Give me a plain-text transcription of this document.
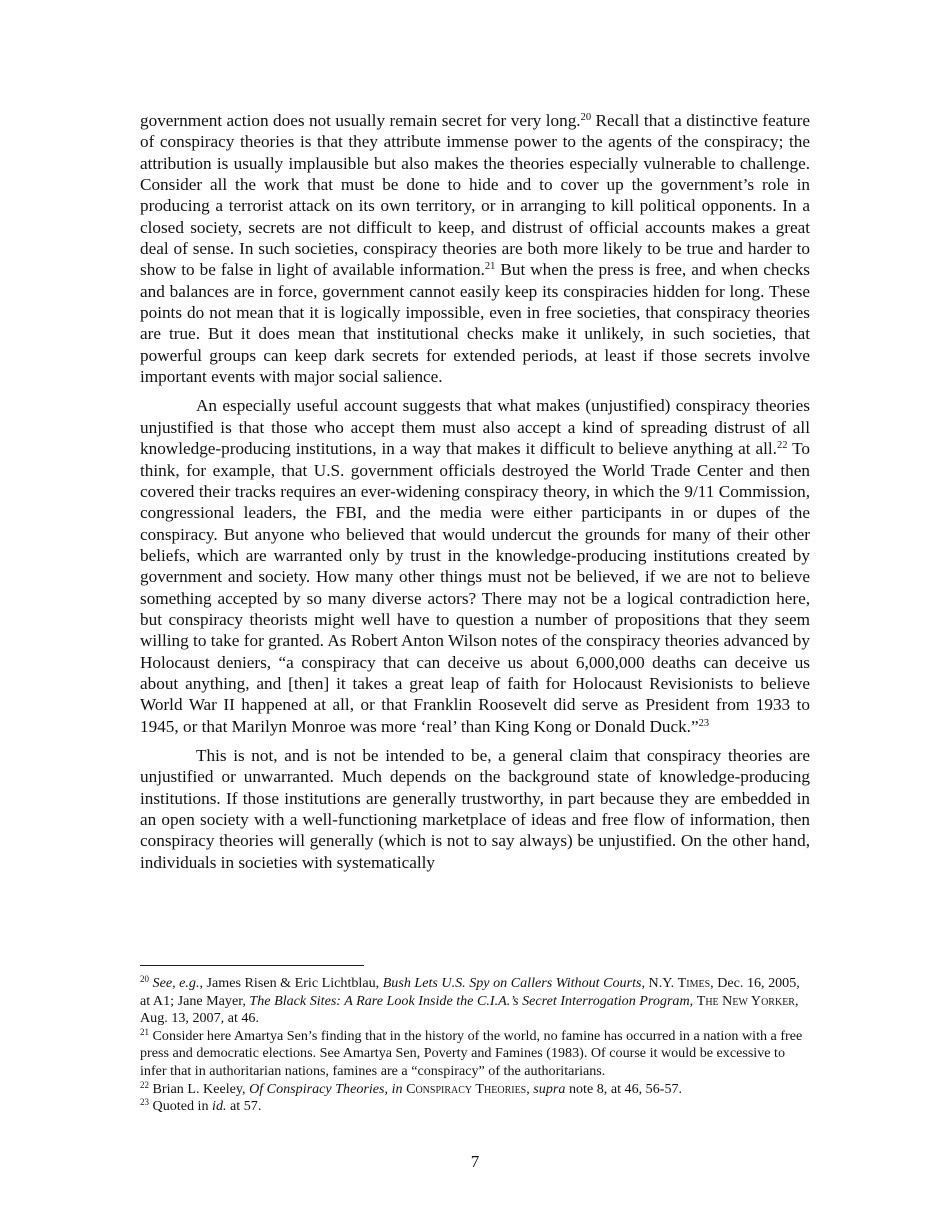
government action does not usually remain secret for very long.$^{20}$ Recall that a distinctive feature of conspiracy theories is that they attribute immense power to the agents of the conspiracy; the attribution is usually implausible but also makes the theories especially vulnerable to challenge. Consider all the work that must be done to hide and to cover up the government’s role in producing a terrorist attack on its own territory, or in arranging to kill political opponents. In a closed society, secrets are not difficult to keep, and distrust of official accounts makes a great deal of sense. In such societies, conspiracy theories are both more likely to be true and harder to show to be false in light of available information.$^{21}$ But when the press is free, and when checks and balances are in force, government cannot easily keep its conspiracies hidden for long. These points do not mean that it is logically impossible, even in free societies, that conspiracy theories are true. But it does mean that institutional checks make it unlikely, in such societies, that powerful groups can keep dark secrets for extended periods, at least if those secrets involve important events with major social salience.

An especially useful account suggests that what makes (unjustified) conspiracy theories unjustified is that those who accept them must also accept a kind of spreading distrust of all knowledge-producing institutions, in a way that makes it difficult to believe anything at all.$^{22}$ To think, for example, that U.S. government officials destroyed the World Trade Center and then covered their tracks requires an ever-widening conspiracy theory, in which the 9/11 Commission, congressional leaders, the FBI, and the media were either participants in or dupes of the conspiracy. But anyone who believed that would undercut the grounds for many of their other beliefs, which are warranted only by trust in the knowledge-producing institutions created by government and society. How many other things must not be believed, if we are not to believe something accepted by so many diverse actors? There may not be a logical contradiction here, but conspiracy theorists might well have to question a number of propositions that they seem willing to take for granted. As Robert Anton Wilson notes of the conspiracy theories advanced by Holocaust deniers, “a conspiracy that can deceive us about 6,000,000 deaths can deceive us about anything, and [then] it takes a great leap of faith for Holocaust Revisionists to believe World War II happened at all, or that Franklin Roosevelt did serve as President from 1933 to 1945, or that Marilyn Monroe was more ‘real’ than King Kong or Donald Duck.”$^{23}$

This is not, and is not be intended to be, a general claim that conspiracy theories are unjustified or unwarranted. Much depends on the background state of knowledge-producing institutions. If those institutions are generally trustworthy, in part because they are embedded in an open society with a well-functioning marketplace of ideas and free flow of information, then conspiracy theories will generally (which is not to say always) be unjustified. On the other hand, individuals in societies with systematically

$^{20}$ See, e.g., James Risen & Eric Lichtblau, Bush Lets U.S. Spy on Callers Without Courts, N.Y. Times, Dec. 16, 2005, at A1; Jane Mayer, The Black Sites: A Rare Look Inside the C.I.A.’s Secret Interrogation Program, The New Yorker, Aug. 13, 2007, at 46.

$^{21}$ Consider here Amartya Sen’s finding that in the history of the world, no famine has occurred in a nation with a free press and democratic elections. See Amartya Sen, Poverty and Famines (1983). Of course it would be excessive to infer that in authoritarian nations, famines are a “conspiracy” of the authoritarians.

$^{22}$ Brian L. Keeley, Of Conspiracy Theories, in Conspiracy Theories, supra note 8, at 46, 56-57.

$^{23}$ Quoted in id. at 57.

7
